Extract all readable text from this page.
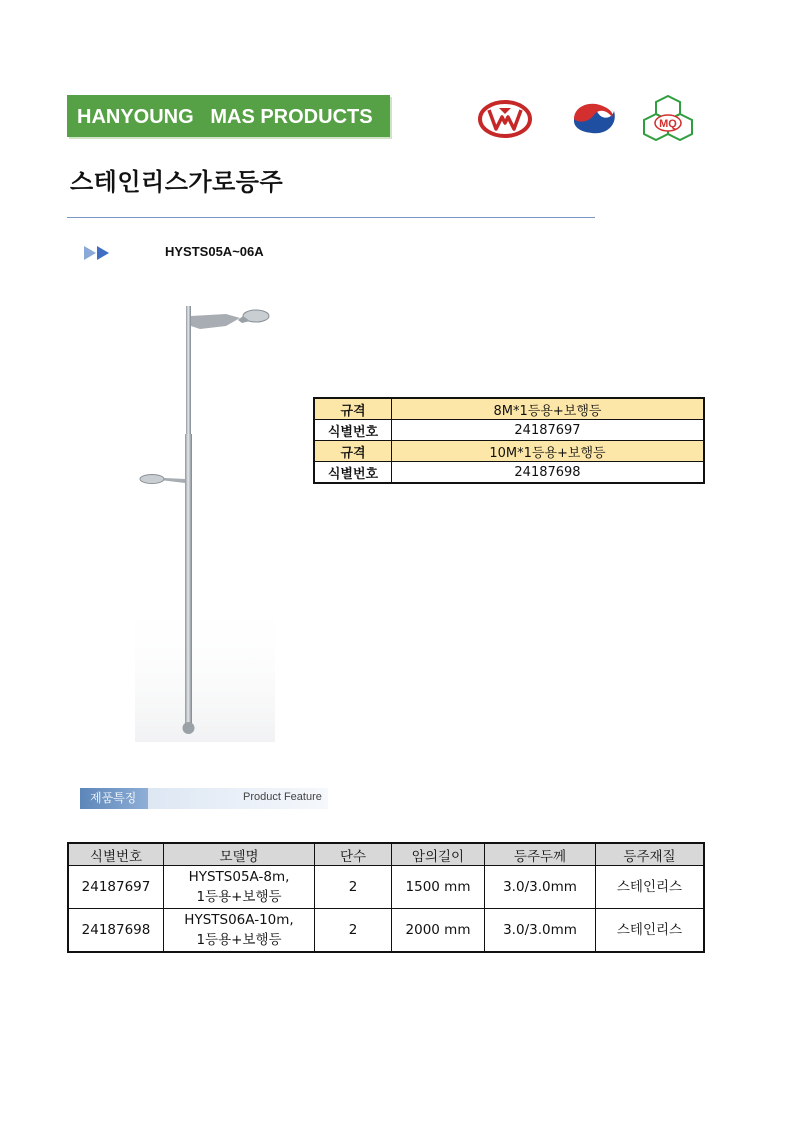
HANYOUNG   MAS PRODUCTS	MQ
스테인리스가로등주
HYSTS05A~06A
규격	8M*1등용+보행등
식별번호	24187697
규격	10M*1등용+보행등
식별번호	24187698
제품특징	Product Feature
식별번호	모델명	단수	암의길이	등주두께	등주재질
24187697	HYSTS05A-8m,
1등용+보행등	2	1500 mm	3.0/3.0mm	스테인리스
24187698	HYSTS06A-10m,
1등용+보행등	2	2000 mm	3.0/3.0mm	스테인리스
